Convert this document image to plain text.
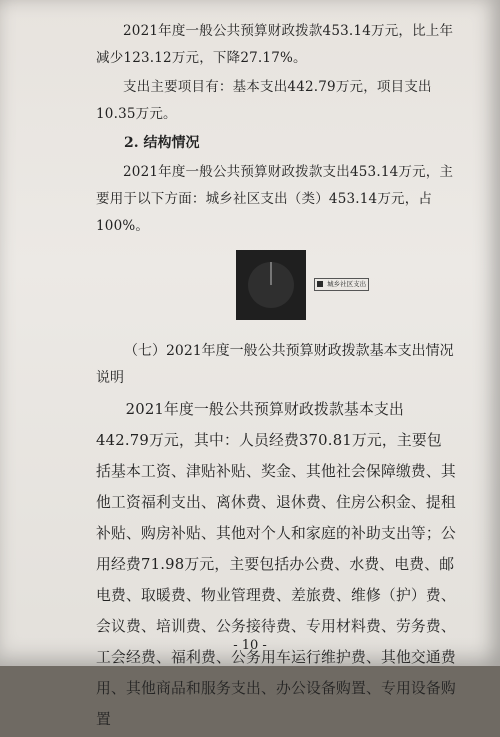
2021年度一般公共预算财政拨款453.14万元，比上年减少123.12万元，下降27.17%。

支出主要项目有：基本支出442.79万元，项目支出10.35万元。

2. 结构情况

2021年度一般公共预算财政拨款支出453.14万元，主要用于以下方面：城乡社区支出（类）453.14万元，占100%。

城乡社区支出

（七）2021年度一般公共预算财政拨款基本支出情况说明

2021年度一般公共预算财政拨款基本支出442.79万元，其中：人员经费370.81万元，主要包括基本工资、津贴补贴、奖金、其他社会保障缴费、其他工资福利支出、离休费、退休费、住房公积金、提租补贴、购房补贴、其他对个人和家庭的补助支出等；公用经费71.98万元，主要包括办公费、水费、电费、邮电费、取暖费、物业管理费、差旅费、维修（护）费、会议费、培训费、公务接待费、专用材料费、劳务费、工会经费、福利费、公务用车运行维护费、其他交通费用、其他商品和服务支出、办公设备购置、专用设备购置

- 10 -
